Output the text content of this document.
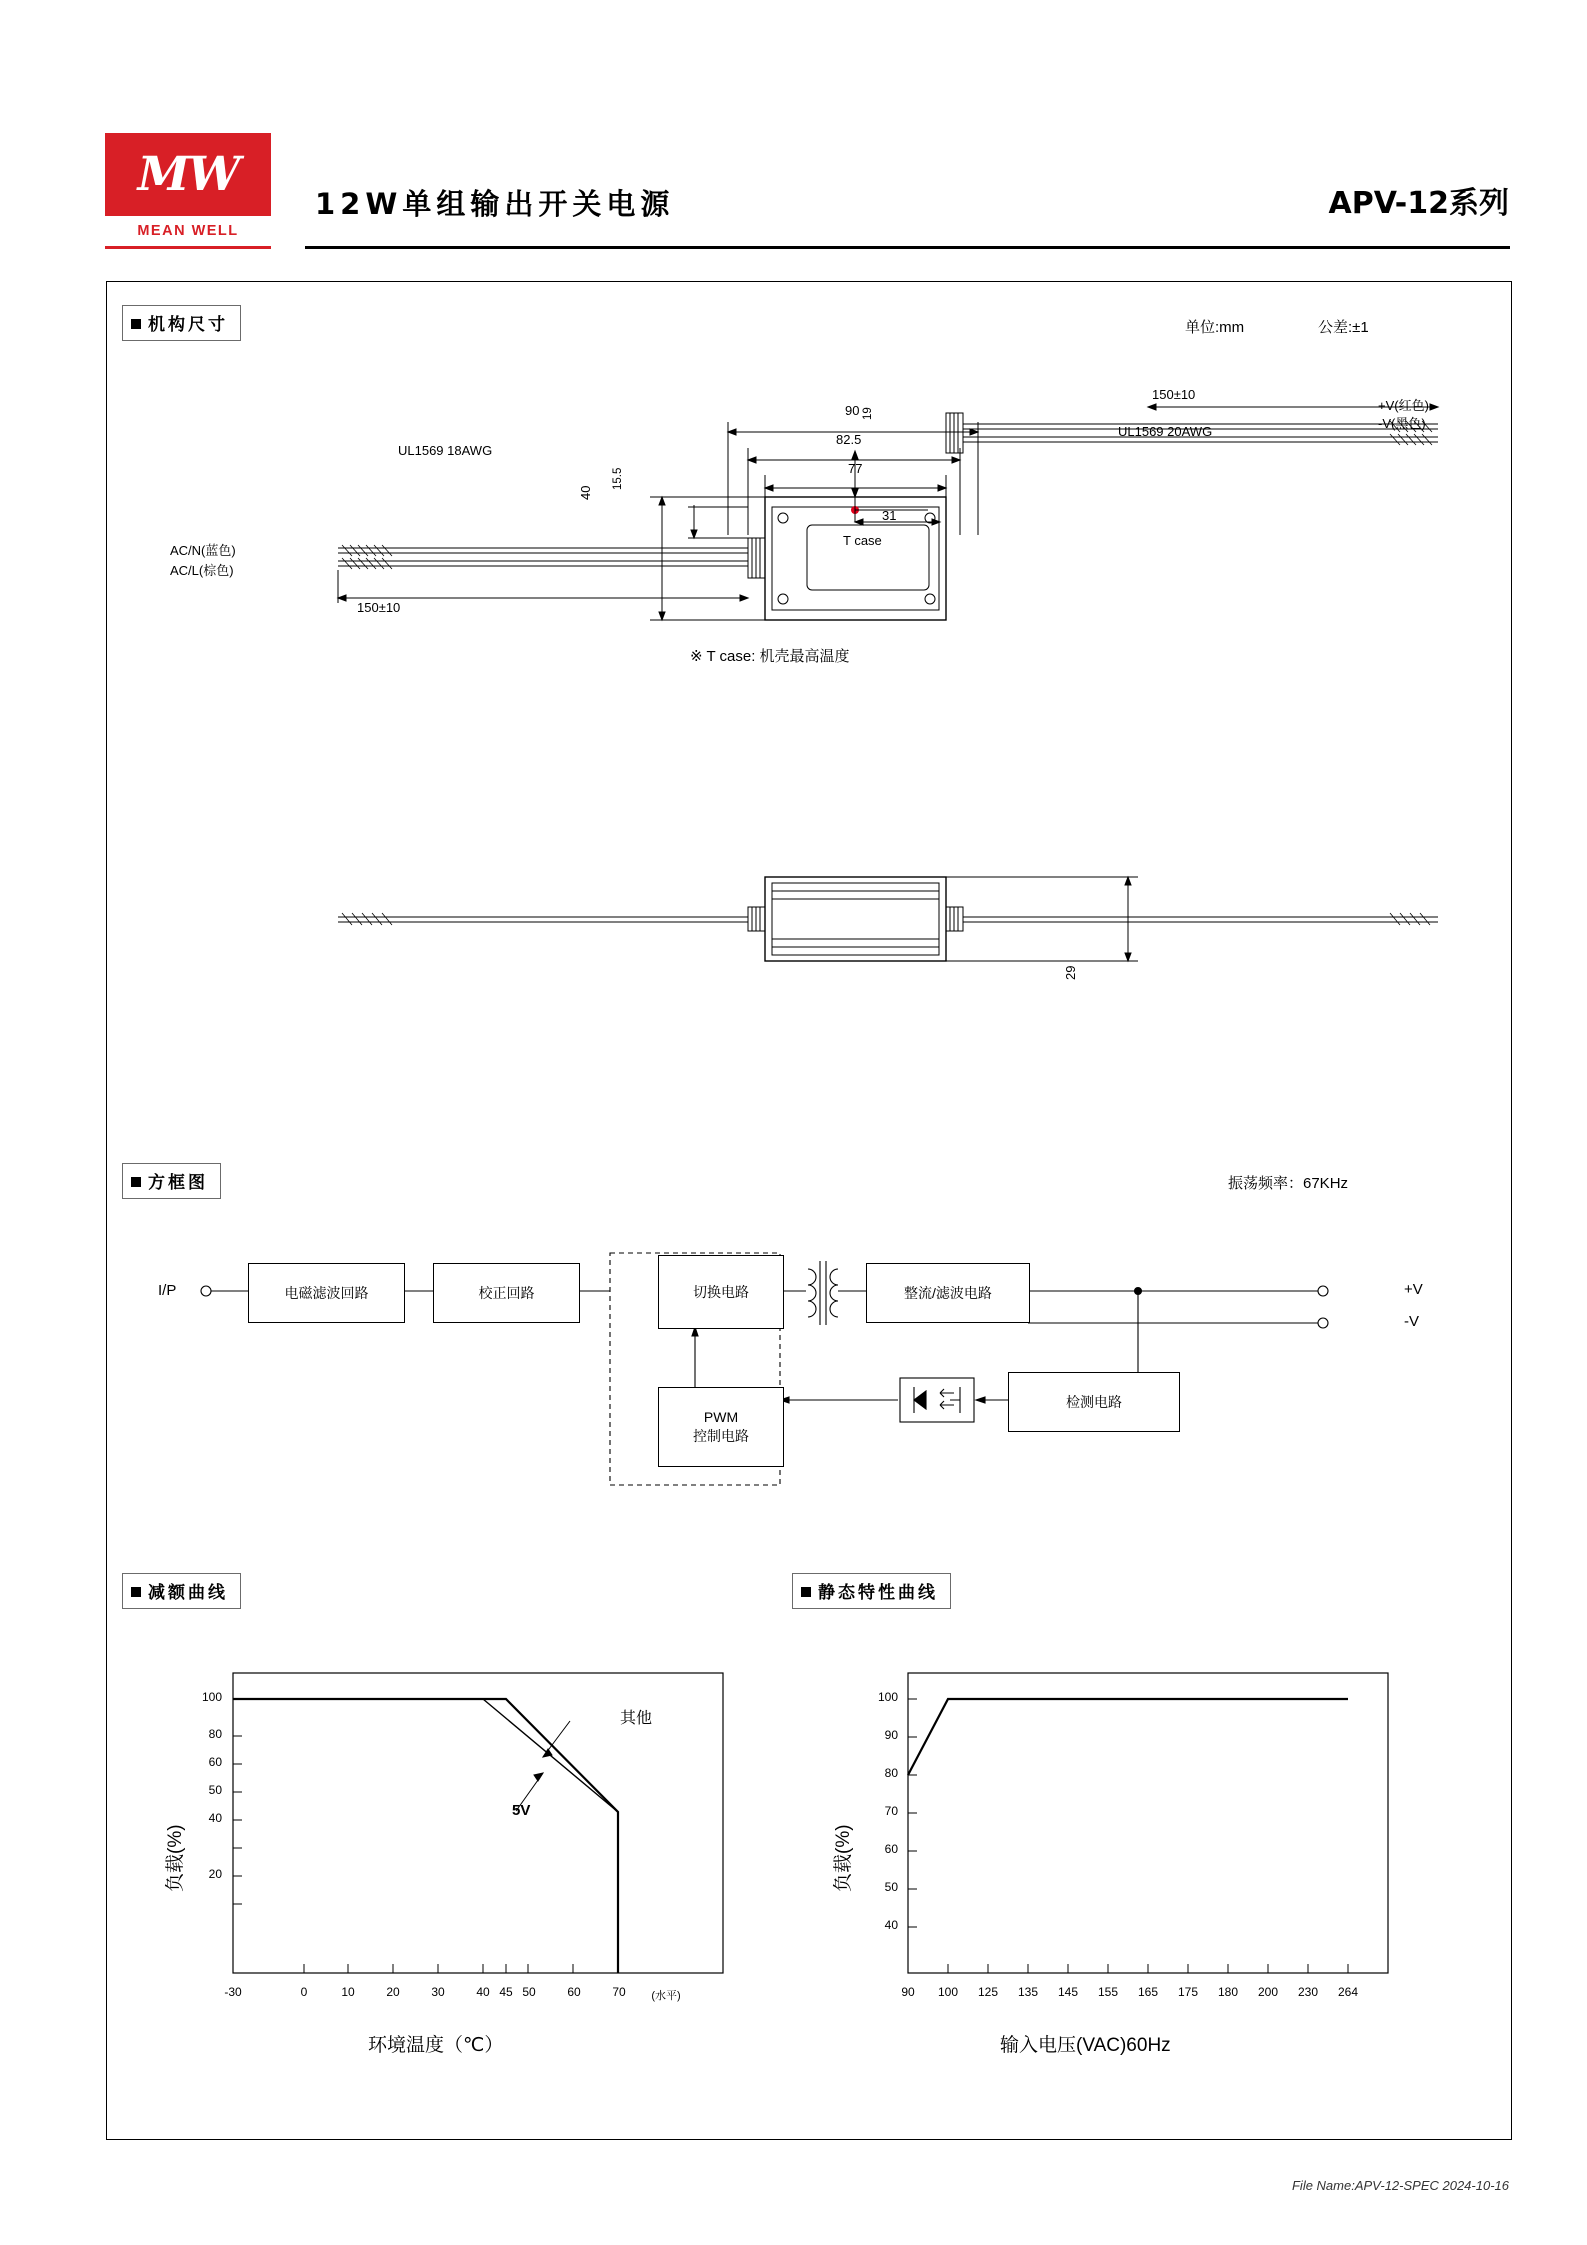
MW
MEAN WELL
12W单组输出开关电源	APV-12系列
机构尺寸	单位:mm	公差:±1
90
82.5
77
40
15.5
19
31
150±10
150±10
T case
UL1569 18AWG
UL1569 20AWG
AC/N(蓝色)
AC/L(棕色)
+V(红色)
-V(黑色)
※ T case: 机壳最高温度
29
方框图	振荡频率：67KHz
I/P	电磁滤波回路	校正回路	切换电路	整流/滤波电路
PWM
控制电路
检测电路
+V
-V
减额曲线	静态特性曲线
100
80
60
50
40
20
-30	0	10	20	30	40 45 50	60	70	(水平)
其他
5V
负载(%)
环境温度（℃）
100
90
80
70
60
50
40
90	100	125	135	145	155	165	175	180	200	230	264
负载(%)
输入电压(VAC)60Hz
File Name:APV-12-SPEC 2024-10-16
